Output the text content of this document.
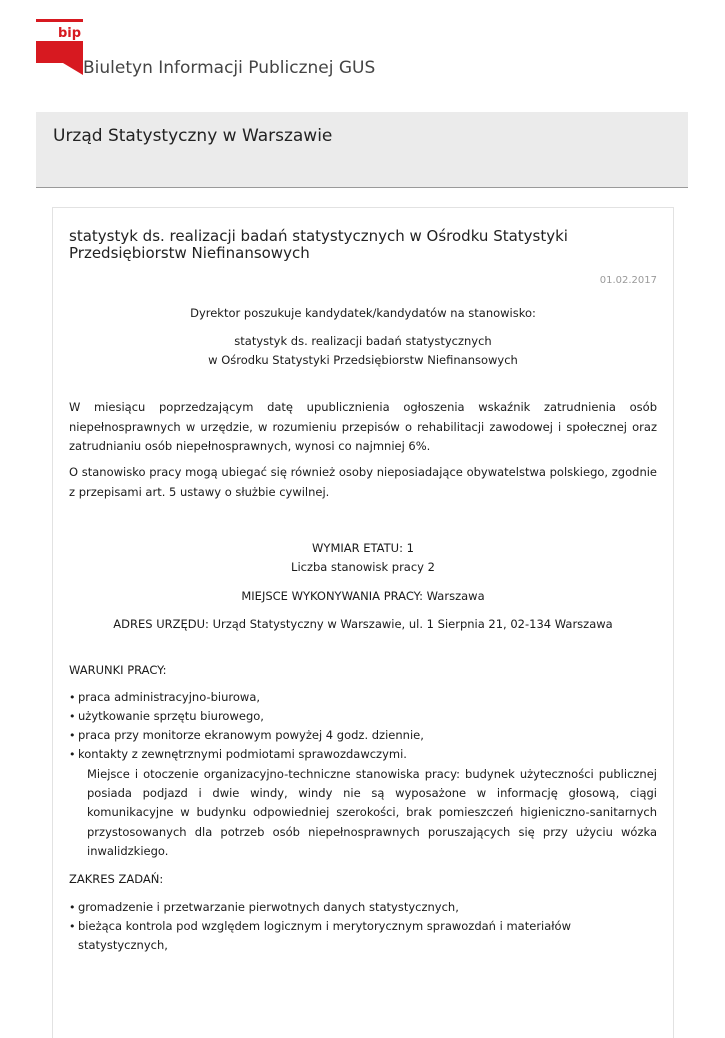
bip
Biuletyn Informacji Publicznej GUS
Urząd Statystyczny w Warszawie
statystyk ds. realizacji badań statystycznych w Ośrodku Statystyki Przedsiębiorstw Niefinansowych
01.02.2017
Dyrektor poszukuje kandydatek/kandydatów na stanowisko:
statystyk ds. realizacji badań statystycznych
w Ośrodku Statystyki Przedsiębiorstw Niefinansowych
W miesiącu poprzedzającym datę upublicznienia ogłoszenia wskaźnik zatrudnienia osób niepełnosprawnych w urzędzie, w rozumieniu przepisów o rehabilitacji zawodowej i społecznej oraz zatrudnianiu osób niepełnosprawnych, wynosi co najmniej 6%.
O stanowisko pracy mogą ubiegać się również osoby nieposiadające obywatelstwa polskiego, zgodnie z przepisami art. 5 ustawy o służbie cywilnej.
WYMIAR ETATU: 1
Liczba stanowisk pracy 2
MIEJSCE WYKONYWANIA PRACY: Warszawa
ADRES URZĘDU: Urząd Statystyczny w Warszawie, ul. 1 Sierpnia 21, 02-134 Warszawa
WARUNKI PRACY:
• praca administracyjno-biurowa,
• użytkowanie sprzętu biurowego,
• praca przy monitorze ekranowym powyżej 4 godz. dziennie,
• kontakty z zewnętrznymi podmiotami sprawozdawczymi.
Miejsce i otoczenie organizacyjno-techniczne stanowiska pracy: budynek użyteczności publicznej posiada podjazd i dwie windy, windy nie są wyposażone w informację głosową, ciągi komunikacyjne w budynku odpowiedniej szerokości, brak pomieszczeń higieniczno-sanitarnych przystosowanych dla potrzeb osób niepełnosprawnych poruszających się przy użyciu wózka inwalidzkiego.
ZAKRES ZADAŃ:
• gromadzenie i przetwarzanie pierwotnych danych statystycznych,
• bieżąca kontrola pod względem logicznym i merytorycznym sprawozdań i materiałów statystycznych,
